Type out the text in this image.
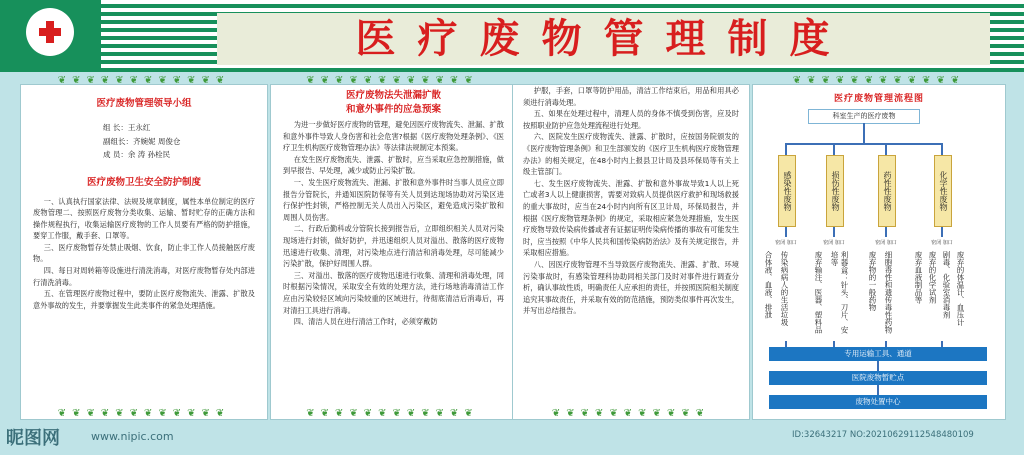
医疗废物管理制度
❦❦❦❦❦❦❦❦❦❦❦❦

医疗废物管理领导小组

组 长：王永红

副组长：齐婉妮 周俊仓

成 员：余 涛 孙栓民

医疗废物卫生安全防护制度

一、认真执行国家法律、法规及规章制度，属性本单位制定的医疗废物管理二、按照医疗废物分类收集、运输、暂时贮存的正确方法和操作规程执行，收集运输医疗废物的工作人员要有严格的防护措施，要穿工作服，戴手套、口罩等。

三、医疗废物暂存处禁止吸烟、饮食，防止非工作人员接触医疗废物。

四、每日对周转箱等设施进行清洗消毒，对医疗废物暂存处内部进行清洗消毒。

五、在管理医疗废物过程中，要防止医疗废物流失、泄露、扩散及意外事故的发生，并要掌握发生此类事件的紧急处理措施。

❦❦❦❦❦❦❦❦❦❦❦❦
❦❦❦❦❦❦❦❦❦❦❦❦

医疗废物法失泄漏扩散

和意外事件的应急预案

为进一步做好医疗废物的管理，避免因医疗废物流失、泄漏、扩散和意外事件导致人身伤害和社会危害?根据《医疗废物处理条例》、《医疗卫生机构医疗废物管理办法》等法律法规制定本预案。

在发生医疗废物流失、泄露、扩散时，应当采取应急控制措施，做到早报告、早处理，减少或防止污染扩散。

一、发生医疗废物流失、泄漏、扩散和意外事件时当事人员应立即报告分管院长，并通知医院防保等有关人员到达现场协助对污染区进行保护性封锁，严格控制无关人员出入污染区，避免造成污染扩散和周围人员伤害。

二、行政后勤科或分管院长接到报告后，立即组织相关人员对污染现场进行封锁，做好防护，并迅速组织人员对溢出、散落的医疗废物迅速进行收集、清理，对污染地点进行清洁和消毒处理，尽可能减少污染扩散，保护好周围人群。

三、对溢出、散落的医疗废物迅速进行收集、清理和消毒处理，同时根据污染情况，采取安全有效的处理方法，进行场地消毒清洁工作应由污染较轻区域向污染较重的区域进行，待彻底清洁后消毒后，再对清扫工具进行消毒。

四、清洁人员在进行清洁工作时，必须穿戴防

❦❦❦❦❦❦❦❦❦❦❦❦

护服，手套，口罩等防护用品，清洁工作结束后，用品和用具必须进行消毒处理。

五、如果在处理过程中，清理人员的身体不慎受到伤害，应及时按照职业防护应急处理流程进行处理。

六、医院发生医疗废物流失、泄露、扩散时，应按国务院颁发的《医疗废物管理条例》和卫生部颁发的《医疗卫生机构医疗废物管理办法》的相关规定，在48小时内上报县卫计局及县环保局等有关上级主管部门。

七、发生医疗废物流失、泄露、扩散和意外事故导致1人以上死亡或者3人以上健康损害，需要对致病人员提供医疗救护和现场救援的重大事故时，应当在24小时内向所有区卫计局，环保局报告，并根据《医疗废物管理条例》的规定，采取相应紧急处理措施，发生医疗废物导致传染病传播或者有证据证明传染病传播的事故有可能发生时，应当按照《中华人民共和国传染病防治法》及有关规定报告，并采取相应措施。

八、因医疗废物管理不当导致医疗废物流失、泄露、扩散、环境污染事故时，有感染管理科协助同相关部门及时对事件进行调查分析，确认事故性质，明确责任人应承担的责任，并按照医院相关制度追究其事故责任，并采取有效的防范措施，预防类似事件再次发生，并写出总结报告。

❦❦❦❦❦❦❦❦❦❦❦
❦❦❦❦❦❦❦❦❦❦❦❦
医疗废物管理流程图
科室生产的医疗废物
感染性废物	损伤性废物	药性性废物	化学性废物
密闭 加口	密闭 加口	密闭 加口	密闭 加口
合体液、血液、排泄 传染病病人的生活垃圾	废弃输注、医器、塑料品	利器盒：针头、刀片、安培等	废弃物的一般药物 细胞毒性和遗传毒性药物	废弃血液制品等 废弃的化学试剂 剧毒、化验室消毒剂 废弃的体温计、血压计
专用运输工具、通道
医院废物暂贮点
废物处置中心
昵图网	www.nipic.com	ID:32643217 NO:20210629112548480109
